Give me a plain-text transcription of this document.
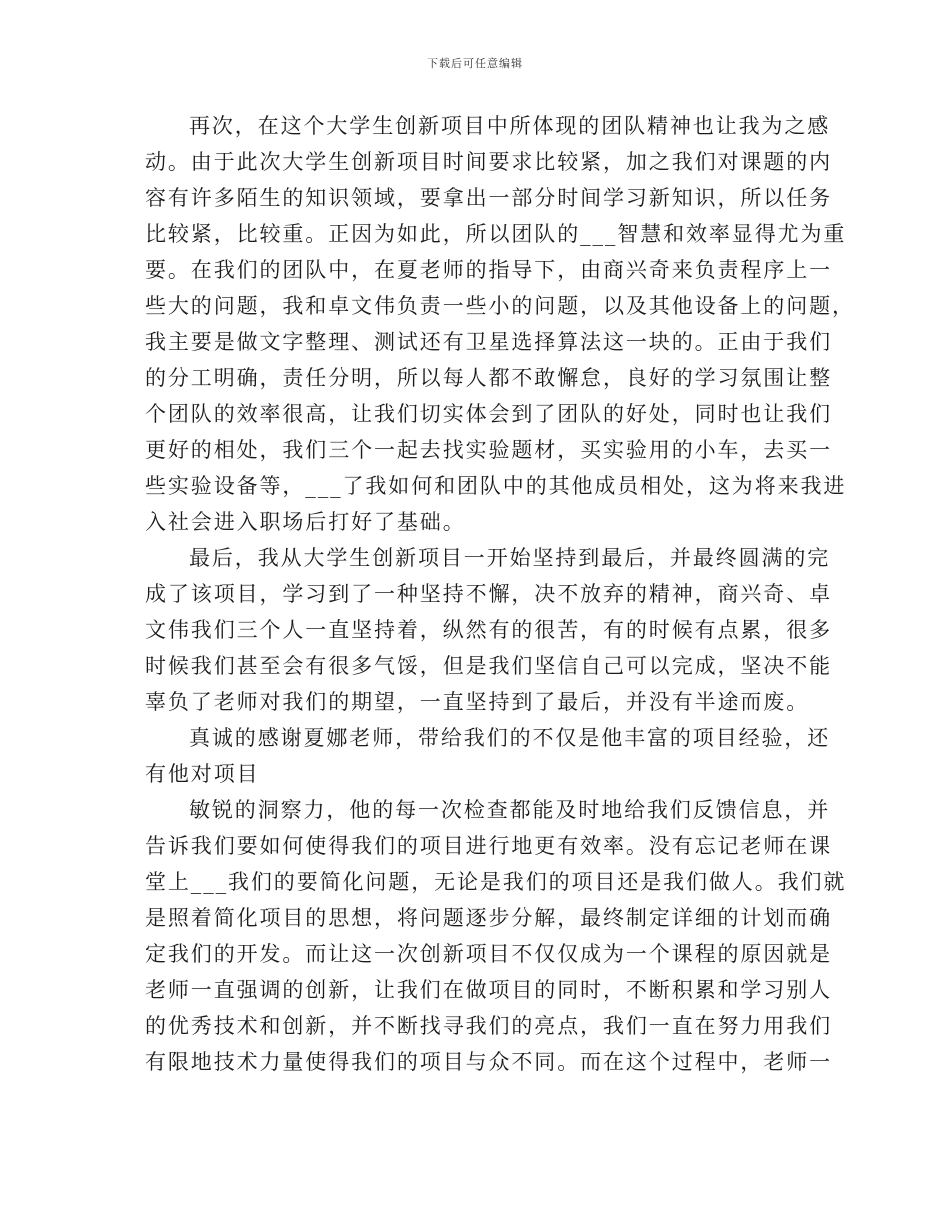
下载后可任意编辑
再次，在这个大学生创新项目中所体现的团队精神也让我为之感
动。由于此次大学生创新项目时间要求比较紧，加之我们对课题的内
容有许多陌生的知识领域，要拿出一部分时间学习新知识，所以任务
比较紧，比较重。正因为如此，所以团队的___智慧和效率显得尤为重
要。在我们的团队中，在夏老师的指导下，由商兴奇来负责程序上一
些大的问题，我和卓文伟负责一些小的问题，以及其他设备上的问题，
我主要是做文字整理、测试还有卫星选择算法这一块的。正由于我们
的分工明确，责任分明，所以每人都不敢懈怠，良好的学习氛围让整
个团队的效率很高，让我们切实体会到了团队的好处，同时也让我们
更好的相处，我们三个一起去找实验题材，买实验用的小车，去买一
些实验设备等，___了我如何和团队中的其他成员相处，这为将来我进
入社会进入职场后打好了基础。
最后，我从大学生创新项目一开始坚持到最后，并最终圆满的完
成了该项目，学习到了一种坚持不懈，决不放弃的精神，商兴奇、卓
文伟我们三个人一直坚持着，纵然有的很苦，有的时候有点累，很多
时候我们甚至会有很多气馁，但是我们坚信自己可以完成，坚决不能
辜负了老师对我们的期望，一直坚持到了最后，并没有半途而废。
真诚的感谢夏娜老师，带给我们的不仅是他丰富的项目经验，还
有他对项目
敏锐的洞察力，他的每一次检查都能及时地给我们反馈信息，并
告诉我们要如何使得我们的项目进行地更有效率。没有忘记老师在课
堂上___我们的要简化问题，无论是我们的项目还是我们做人。我们就
是照着简化项目的思想，将问题逐步分解，最终制定详细的计划而确
定我们的开发。而让这一次创新项目不仅仅成为一个课程的原因就是
老师一直强调的创新，让我们在做项目的同时，不断积累和学习别人
的优秀技术和创新，并不断找寻我们的亮点，我们一直在努力用我们
有限地技术力量使得我们的项目与众不同。而在这个过程中，老师一
